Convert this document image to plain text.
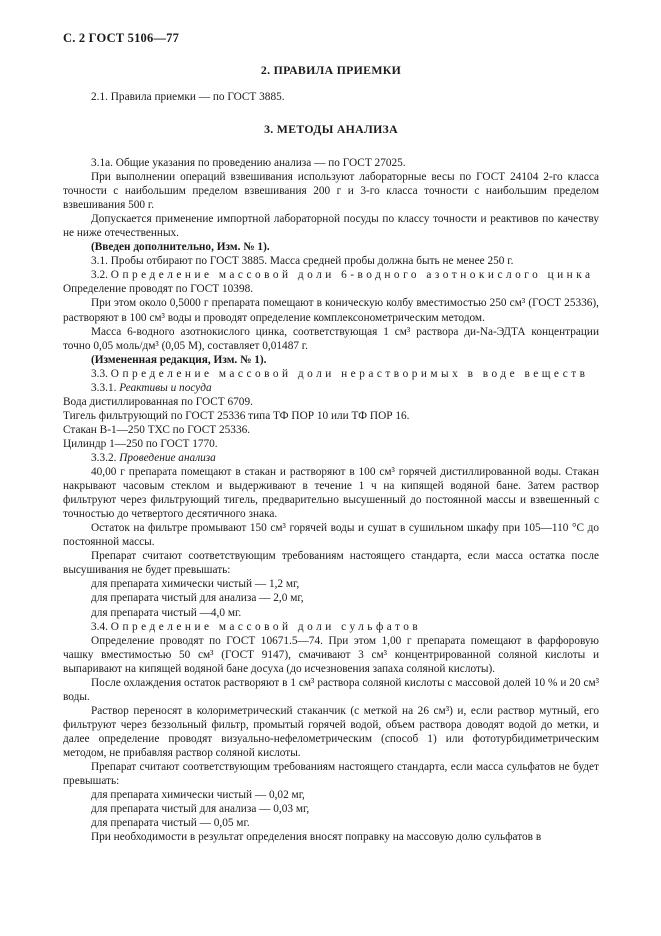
С. 2 ГОСТ 5106—77
2. ПРАВИЛА ПРИЕМКИ

2.1. Правила приемки — по ГОСТ 3885.

3. МЕТОДЫ АНАЛИЗА

3.1а. Общие указания по проведению анализа — по ГОСТ 27025.

При выполнении операций взвешивания используют лабораторные весы по ГОСТ 24104 2-го класса точности с наибольшим пределом взвешивания 200 г и 3-го класса точности с наибольшим пределом взвешивания 500 г.

Допускается применение импортной лабораторной посуды по классу точности и реактивов по качеству не ниже отечественных.

(Введен дополнительно, Изм. № 1).

3.1. Пробы отбирают по ГОСТ 3885. Масса средней пробы должна быть не менее 250 г.

3.2. Определение массовой доли 6-водного азотнокислого цинка

Определение проводят по ГОСТ 10398.

При этом около 0,5000 г препарата помещают в коническую колбу вместимостью 250 см³ (ГОСТ 25336), растворяют в 100 см³ воды и проводят определение комплексонометрическим методом.

Масса 6-водного азотнокислого цинка, соответствующая 1 см³ раствора ди-Na-ЭДТА концентрации точно 0,05 моль/дм³ (0,05 М), составляет 0,01487 г.

(Измененная редакция, Изм. № 1).

3.3. Определение массовой доли нерастворимых в воде веществ

3.3.1. Реактивы и посуда

Вода дистиллированная по ГОСТ 6709.

Тигель фильтрующий по ГОСТ 25336 типа ТФ ПОР 10 или ТФ ПОР 16.

Стакан В-1—250 ТХС по ГОСТ 25336.

Цилиндр 1—250 по ГОСТ 1770.

3.3.2. Проведение анализа

40,00 г препарата помещают в стакан и растворяют в 100 см³ горячей дистиллированной воды. Стакан накрывают часовым стеклом и выдерживают в течение 1 ч на кипящей водяной бане. Затем раствор фильтруют через фильтрующий тигель, предварительно высушенный до постоянной массы и взвешенный с точностью до четвертого десятичного знака.

Остаток на фильтре промывают 150 см³ горячей воды и сушат в сушильном шкафу при 105—110 °С до постоянной массы.

Препарат считают соответствующим требованиям настоящего стандарта, если масса остатка после высушивания не будет превышать:

для препарата химически чистый — 1,2 мг,

для препарата чистый для анализа — 2,0 мг,

для препарата чистый —4,0 мг.

3.4. Определение массовой доли сульфатов

Определение проводят по ГОСТ 10671.5—74. При этом 1,00 г препарата помещают в фарфоровую чашку вместимостью 50 см³ (ГОСТ 9147), смачивают 3 см³ концентрированной соляной кислоты и выпаривают на кипящей водяной бане досуха (до исчезновения запаха соляной кислоты).

После охлаждения остаток растворяют в 1 см³ раствора соляной кислоты с массовой долей 10 % и 20 см³ воды.

Раствор переносят в колориметрический стаканчик (с меткой на 26 см³) и, если раствор мутный, его фильтруют через беззольный фильтр, промытый горячей водой, объем раствора доводят водой до метки, и далее определение проводят визуально-нефелометрическим (способ 1) или фототурбидиметрическим методом, не прибавляя раствор соляной кислоты.

Препарат считают соответствующим требованиям настоящего стандарта, если масса сульфатов не будет превышать:

для препарата химически чистый — 0,02 мг,

для препарата чистый для анализа — 0,03 мг,

для препарата чистый — 0,05 мг.

При необходимости в результат определения вносят поправку на массовую долю сульфатов в
